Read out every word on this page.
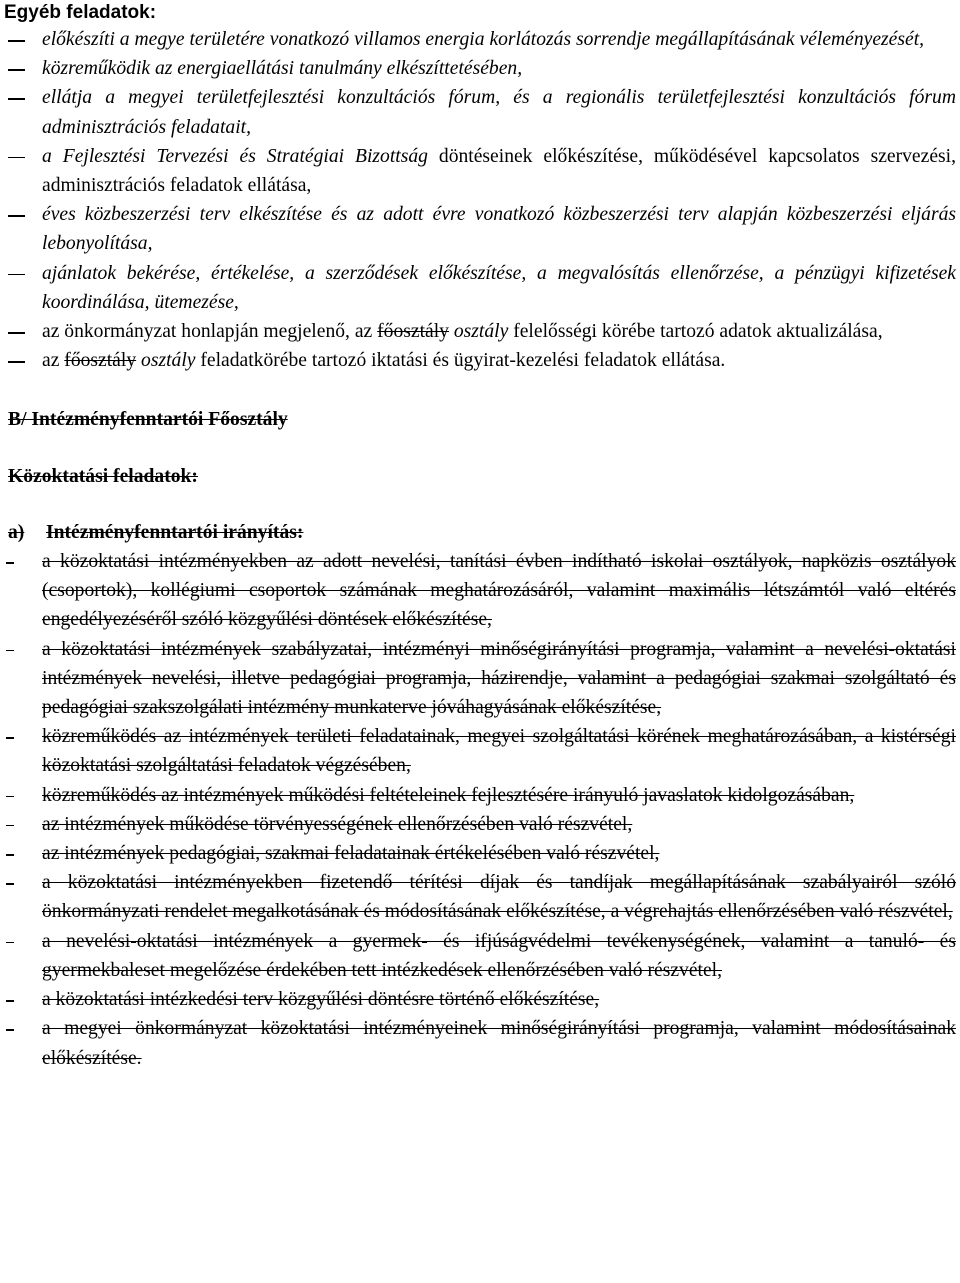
Egyéb feladatok:
előkészíti a megye területére vonatkozó villamos energia korlátozás sorrendje megállapításának véleményezését,
közreműködik az energiaellátási tanulmány elkészíttetésében,
ellátja a megyei területfejlesztési konzultációs fórum, és a regionális területfejlesztési konzultációs fórum adminisztrációs feladatait,
a Fejlesztési Tervezési és Stratégiai Bizottság döntéseinek előkészítése, működésével kapcsolatos szervezési, adminisztrációs feladatok ellátása,
éves közbeszerzési terv elkészítése és az adott évre vonatkozó közbeszerzési terv alapján közbeszerzési eljárás lebonyolítása,
ajánlatok bekérése, értékelése, a szerződések előkészítése, a megvalósítás ellenőrzése, a pénzügyi kifizetések koordinálása, ütemezése,
az önkormányzat honlapján megjelenő, az főosztály osztály felelősségi körébe tartozó adatok aktualizálása,
az főosztály osztály feladatkörébe tartozó iktatási és ügyirat-kezelési feladatok ellátása.

B/ Intézményfenntartói Főosztály

Közoktatási feladatok:

a) Intézményfenntartói irányítás:

a közoktatási intézményekben az adott nevelési, tanítási évben indítható iskolai osztályok, napközis osztályok (csoportok), kollégiumi csoportok számának meghatározásáról, valamint maximális létszámtól való eltérés engedélyezéséről szóló közgyűlési döntések előkészítése,
a közoktatási intézmények szabályzatai, intézményi minőségirányítási programja, valamint a nevelési-oktatási intézmények nevelési, illetve pedagógiai programja, házirendje, valamint a pedagógiai szakmai szolgáltató és pedagógiai szakszolgálati intézmény munkaterve jóváhagyásának előkészítése,
közreműködés az intézmények területi feladatainak, megyei szolgáltatási körének meghatározásában, a kistérségi közoktatási szolgáltatási feladatok végzésében,
közreműködés az intézmények működési feltételeinek fejlesztésére irányuló javaslatok kidolgozásában,
az intézmények működése törvényességének ellenőrzésében való részvétel,
az intézmények pedagógiai, szakmai feladatainak értékelésében való részvétel,
a közoktatási intézményekben fizetendő térítési díjak és tandíjak megállapításának szabályairól szóló önkormányzati rendelet megalkotásának és módosításának előkészítése, a végrehajtás ellenőrzésében való részvétel,
a nevelési-oktatási intézmények a gyermek- és ifjúságvédelmi tevékenységének, valamint a tanuló- és gyermekbaleset megelőzése érdekében tett intézkedések ellenőrzésében való részvétel,
a közoktatási intézkedési terv közgyűlési döntésre történő előkészítése,
a megyei önkormányzat közoktatási intézményeinek minőségirányítási programja, valamint módosításainak előkészítése.
